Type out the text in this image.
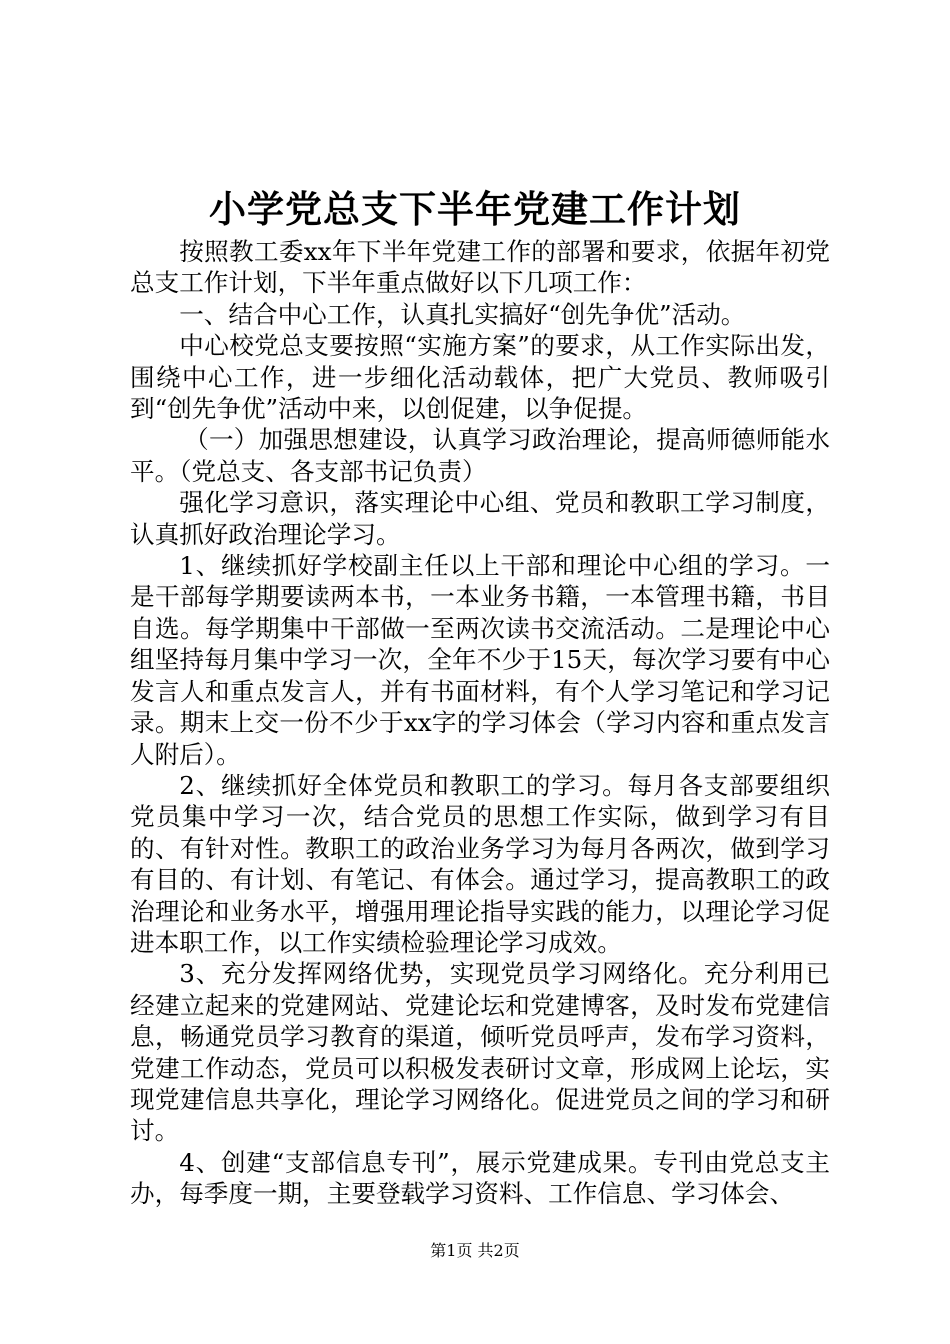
小学党总支下半年党建工作计划

按照教工委xx年下半年党建工作的部署和要求，依据年初党总支工作计划，下半年重点做好以下几项工作：

一、结合中心工作，认真扎实搞好“创先争优”活动。

中心校党总支要按照“实施方案”的要求，从工作实际出发，围绕中心工作，进一步细化活动载体，把广大党员、教师吸引到“创先争优”活动中来，以创促建，以争促提。

（一）加强思想建设，认真学习政治理论，提高师德师能水平。（党总支、各支部书记负责）

强化学习意识，落实理论中心组、党员和教职工学习制度，认真抓好政治理论学习。

1、继续抓好学校副主任以上干部和理论中心组的学习。一是干部每学期要读两本书，一本业务书籍，一本管理书籍，书目自选。每学期集中干部做一至两次读书交流活动。二是理论中心组坚持每月集中学习一次，全年不少于15天，每次学习要有中心发言人和重点发言人，并有书面材料，有个人学习笔记和学习记录。期末上交一份不少于xx字的学习体会（学习内容和重点发言人附后）。

2、继续抓好全体党员和教职工的学习。每月各支部要组织党员集中学习一次，结合党员的思想工作实际，做到学习有目的、有针对性。教职工的政治业务学习为每月各两次，做到学习有目的、有计划、有笔记、有体会。通过学习，提高教职工的政治理论和业务水平，增强用理论指导实践的能力，以理论学习促进本职工作，以工作实绩检验理论学习成效。

3、充分发挥网络优势，实现党员学习网络化。充分利用已经建立起来的党建网站、党建论坛和党建博客，及时发布党建信息，畅通党员学习教育的渠道，倾听党员呼声，发布学习资料，党建工作动态，党员可以积极发表研讨文章，形成网上论坛，实现党建信息共享化，理论学习网络化。促进党员之间的学习和研讨。

4、创建“支部信息专刊”，展示党建成果。专刊由党总支主办，每季度一期，主要登载学习资料、工作信息、学习体会、

第1页 共2页
